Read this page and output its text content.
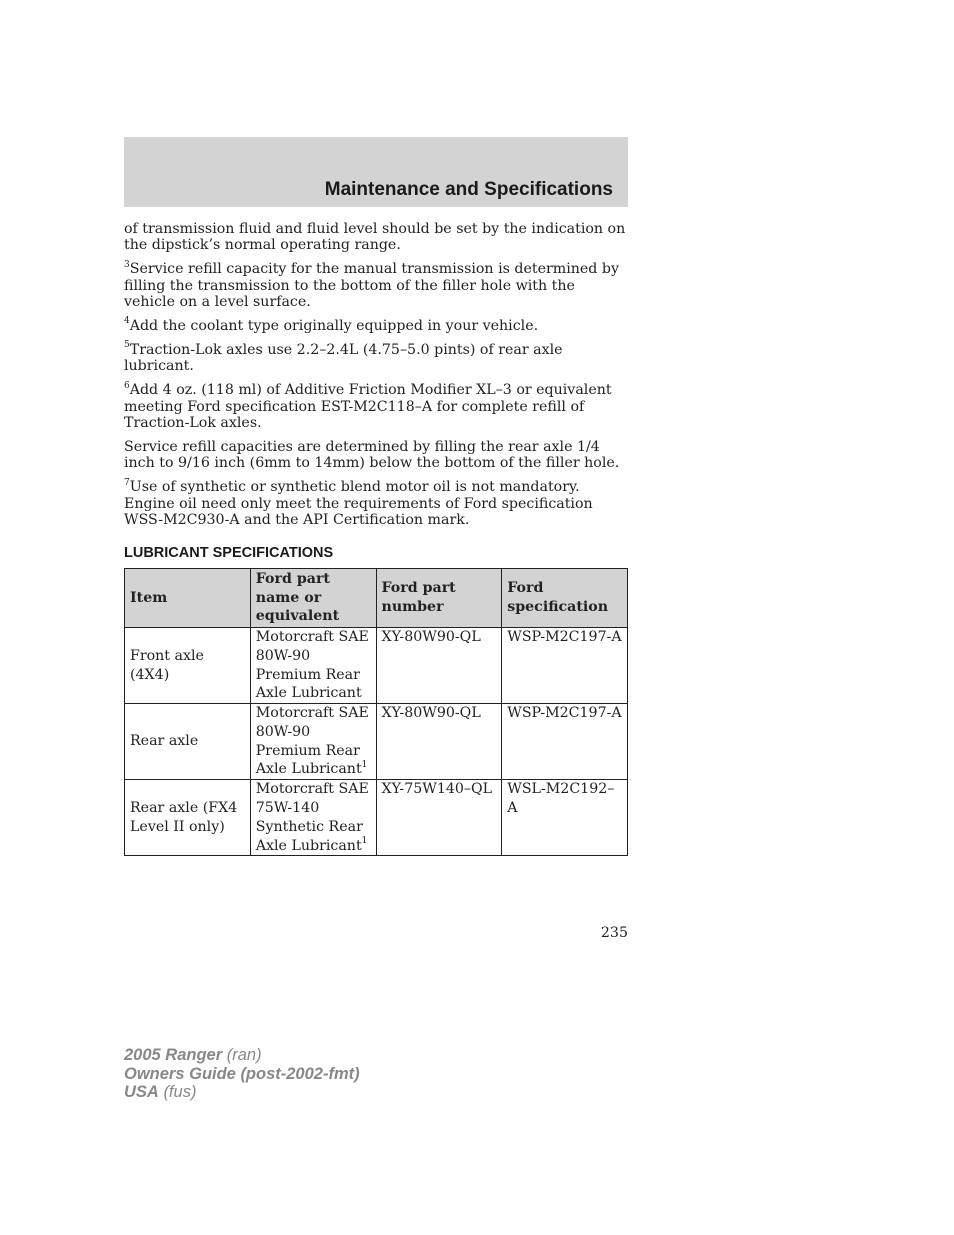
Maintenance and Specifications

of transmission fluid and fluid level should be set by the indication on the dipstick’s normal operating range.

$^3$Service refill capacity for the manual transmission is determined by filling the transmission to the bottom of the filler hole with the vehicle on a level surface.

$^4$Add the coolant type originally equipped in your vehicle.

$^5$Traction-Lok axles use 2.2–2.4L (4.75–5.0 pints) of rear axle lubricant.

$^6$Add 4 oz. (118 ml) of Additive Friction Modifier XL–3 or equivalent meeting Ford specification EST-M2C118–A for complete refill of Traction-Lok axles.

Service refill capacities are determined by filling the rear axle 1/4 inch to 9/16 inch (6mm to 14mm) below the bottom of the filler hole.

$^7$Use of synthetic or synthetic blend motor oil is not mandatory. Engine oil need only meet the requirements of Ford specification WSS-M2C930-A and the API Certification mark.

LUBRICANT SPECIFICATIONS
Item	Ford part name or equivalent	Ford part number	Ford specification
Front axle (4X4)	Motorcraft SAE 80W-90 Premium Rear Axle Lubricant	XY-80W90-QL	WSP-M2C197-A
Rear axle	Motorcraft SAE 80W-90 Premium Rear Axle Lubricant$^1$	XY-80W90-QL	WSP-M2C197-A
Rear axle (FX4 Level II only)	Motorcraft SAE 75W-140 Synthetic Rear Axle Lubricant$^1$	XY-75W140–QL	WSL-M2C192–A
235
2005 Ranger (ran)
Owners Guide (post-2002-fmt)
USA (fus)
